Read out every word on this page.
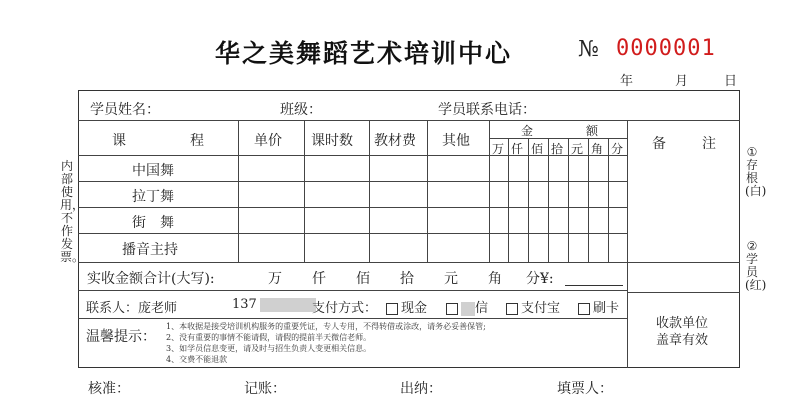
华之美舞蹈艺术培训中心	№ 0000001
年	月	日
内部使用，不作发票。
①
存根(白)
②
学员(红)
学员姓名：	班级：	学员联系电话：
课	程	单价 课时数 教材费 其他
金	额
万 仟 佰 拾 元 角 分 备	注
中国舞
拉丁舞
街　舞
播音主持
实收金额合计(大写):	万 仟 佰 拾 元 角 分¥:
联系人：庞老师	137	支付方式：	现金	信	支付宝	刷卡
温馨提示：
1、本收据是接受培训机构服务的重要凭证，专人专用，不得转借或涂改，请务必妥善保管;
2、没有重要的事情不能请假，请假的提前半天微信老师。
3、如学员信息变更，请及时与招生负责人变更相关信息。
4、交费不能退款
收款单位
盖章有效
核准：	记账：	出纳：	填票人：
